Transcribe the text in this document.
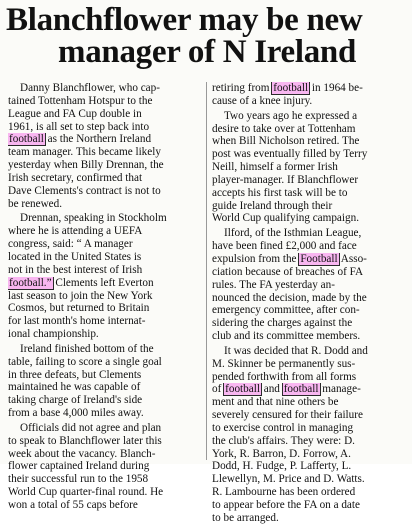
Blanchflower may be new
manager of N Ireland
Danny Blanchflower, who cap-
tained Tottenham Hotspur to the
League and FA Cup double in
1961, is all set to step back into
football as the Northern Ireland
team manager. This became likely
yesterday when Billy Drennan, the
Irish secretary, confirmed that
Dave Clements's contract is not to
be renewed.
Drennan, speaking in Stockholm
where he is attending a UEFA
congress, said: “ A manager
located in the United States is
not in the best interest of Irish
football.” Clements left Everton
last season to join the New York
Cosmos, but returned to Britain
for last month's home internat-
ional championship.
Ireland finished bottom of the
table, failing to score a single goal
in three defeats, but Clements
maintained he was capable of
taking charge of Ireland's side
from a base 4,000 miles away.
Officials did not agree and plan
to speak to Blanchflower later this
week about the vacancy. Blanch-
flower captained Ireland during
their successful run to the 1958
World Cup quarter-final round. He
won a total of 55 caps before
retiring from football in 1964 be-
cause of a knee injury.
Two years ago he expressed a
desire to take over at Tottenham
when Bill Nicholson retired. The
post was eventually filled by Terry
Neill, himself a former Irish
player-manager. If Blanchflower
accepts his first task will be to
guide Ireland through their
World Cup qualifying campaign.
Ilford, of the Isthmian League,
have been fined £2,000 and face
expulsion from the Football Asso-
ciation because of breaches of FA
rules. The FA yesterday an-
nounced the decision, made by the
emergency committee, after con-
sidering the charges against the
club and its committee members.
It was decided that R. Dodd and
M. Skinner be permanently sus-
pended forthwith from all forms
of football and football manage-
ment and that nine others be
severely censured for their failure
to exercise control in managing
the club's affairs. They were: D.
York, R. Barron, D. Forrow, A.
Dodd, H. Fudge, P. Lafferty, L.
Llewellyn, M. Price and D. Watts.
R. Lambourne has been ordered
to appear before the FA on a date
to be arranged.
